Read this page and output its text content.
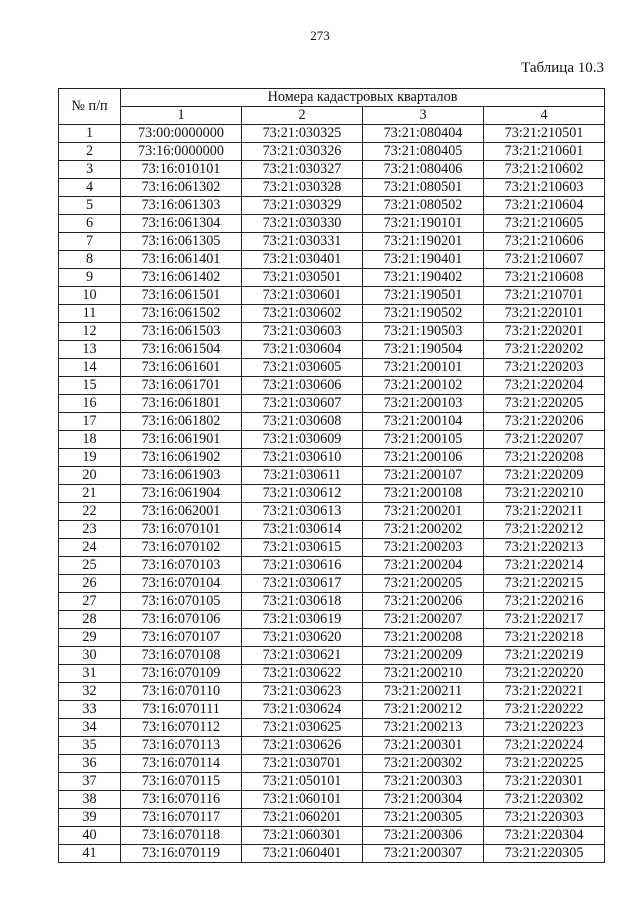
273
Таблица 10.3
№ п/п	Номера кадастровых кварталов			
	1	2	3	4
1	73:00:0000000	73:21:030325	73:21:080404	73:21:210501
2	73:16:0000000	73:21:030326	73:21:080405	73:21:210601
3	73:16:010101	73:21:030327	73:21:080406	73:21:210602
4	73:16:061302	73:21:030328	73:21:080501	73:21:210603
5	73:16:061303	73:21:030329	73:21:080502	73:21:210604
6	73:16:061304	73:21:030330	73:21:190101	73:21:210605
7	73:16:061305	73:21:030331	73:21:190201	73:21:210606
8	73:16:061401	73:21:030401	73:21:190401	73:21:210607
9	73:16:061402	73:21:030501	73:21:190402	73:21:210608
10	73:16:061501	73:21:030601	73:21:190501	73:21:210701
11	73:16:061502	73:21:030602	73:21:190502	73:21:220101
12	73:16:061503	73:21:030603	73:21:190503	73:21:220201
13	73:16:061504	73:21:030604	73:21:190504	73:21:220202
14	73:16:061601	73:21:030605	73:21:200101	73:21:220203
15	73:16:061701	73:21:030606	73:21:200102	73:21:220204
16	73:16:061801	73:21:030607	73:21:200103	73:21:220205
17	73:16:061802	73:21:030608	73:21:200104	73:21:220206
18	73:16:061901	73:21:030609	73:21:200105	73:21:220207
19	73:16:061902	73:21:030610	73:21:200106	73:21:220208
20	73:16:061903	73:21:030611	73:21:200107	73:21:220209
21	73:16:061904	73:21:030612	73:21:200108	73:21:220210
22	73:16:062001	73:21:030613	73:21:200201	73:21:220211
23	73:16:070101	73:21:030614	73:21:200202	73:21:220212
24	73:16:070102	73:21:030615	73:21:200203	73:21:220213
25	73:16:070103	73:21:030616	73:21:200204	73:21:220214
26	73:16:070104	73:21:030617	73:21:200205	73:21:220215
27	73:16:070105	73:21:030618	73:21:200206	73:21:220216
28	73:16:070106	73:21:030619	73:21:200207	73:21:220217
29	73:16:070107	73:21:030620	73:21:200208	73:21:220218
30	73:16:070108	73:21:030621	73:21:200209	73:21:220219
31	73:16:070109	73:21:030622	73:21:200210	73:21:220220
32	73:16:070110	73:21:030623	73:21:200211	73:21:220221
33	73:16:070111	73:21:030624	73:21:200212	73:21:220222
34	73:16:070112	73:21:030625	73:21:200213	73:21:220223
35	73:16:070113	73:21:030626	73:21:200301	73:21:220224
36	73:16:070114	73:21:030701	73:21:200302	73:21:220225
37	73:16:070115	73:21:050101	73:21:200303	73:21:220301
38	73:16:070116	73:21:060101	73:21:200304	73:21:220302
39	73:16:070117	73:21:060201	73:21:200305	73:21:220303
40	73:16:070118	73:21:060301	73:21:200306	73:21:220304
41	73:16:070119	73:21:060401	73:21:200307	73:21:220305
